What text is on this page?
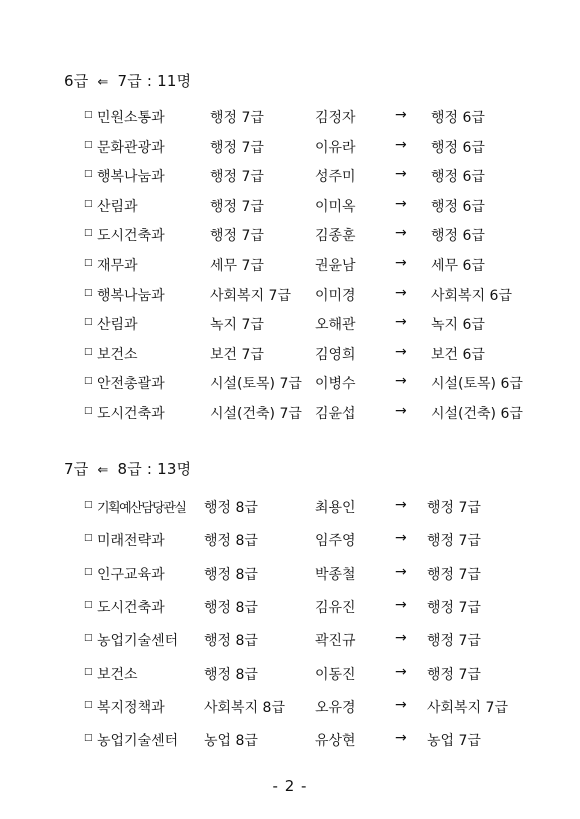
6급 ⇐ 7급 : 11명
□ 민원소통과	행정 7급	김정자	→ 행정 6급
□ 문화관광과	행정 7급	이유라	→ 행정 6급
□ 행복나눔과	행정 7급	성주미	→ 행정 6급
□ 산림과	행정 7급	이미옥	→ 행정 6급
□ 도시건축과	행정 7급	김종훈	→ 행정 6급
□ 재무과	세무 7급	권윤남	→ 세무 6급
□ 행복나눔과	사회복지 7급 이미경	→ 사회복지 6급
□ 산림과	녹지 7급	오해관	→ 녹지 6급
□ 보건소	보건 7급	김영희	→ 보건 6급
□ 안전총괄과	시설(토목) 7급 이병수	→ 시설(토목) 6급
□ 도시건축과	시설(건축) 7급 김윤섭	→ 시설(건축) 6급
7급 ⇐ 8급 : 13명
□ 기획예산담당관실 행정 8급	최용인	→ 행정 7급
□ 미래전략과	행정 8급	임주영	→ 행정 7급
□ 인구교육과	행정 8급	박종철	→ 행정 7급
□ 도시건축과	행정 8급	김유진	→ 행정 7급
□ 농업기술센터 행정 8급	곽진규	→ 행정 7급
□ 보건소	행정 8급	이동진	→ 행정 7급
□ 복지정책과	사회복지 8급 오유경	→ 사회복지 7급
□ 농업기술센터 농업 8급	유상현	→ 농업 7급
- 2 -
